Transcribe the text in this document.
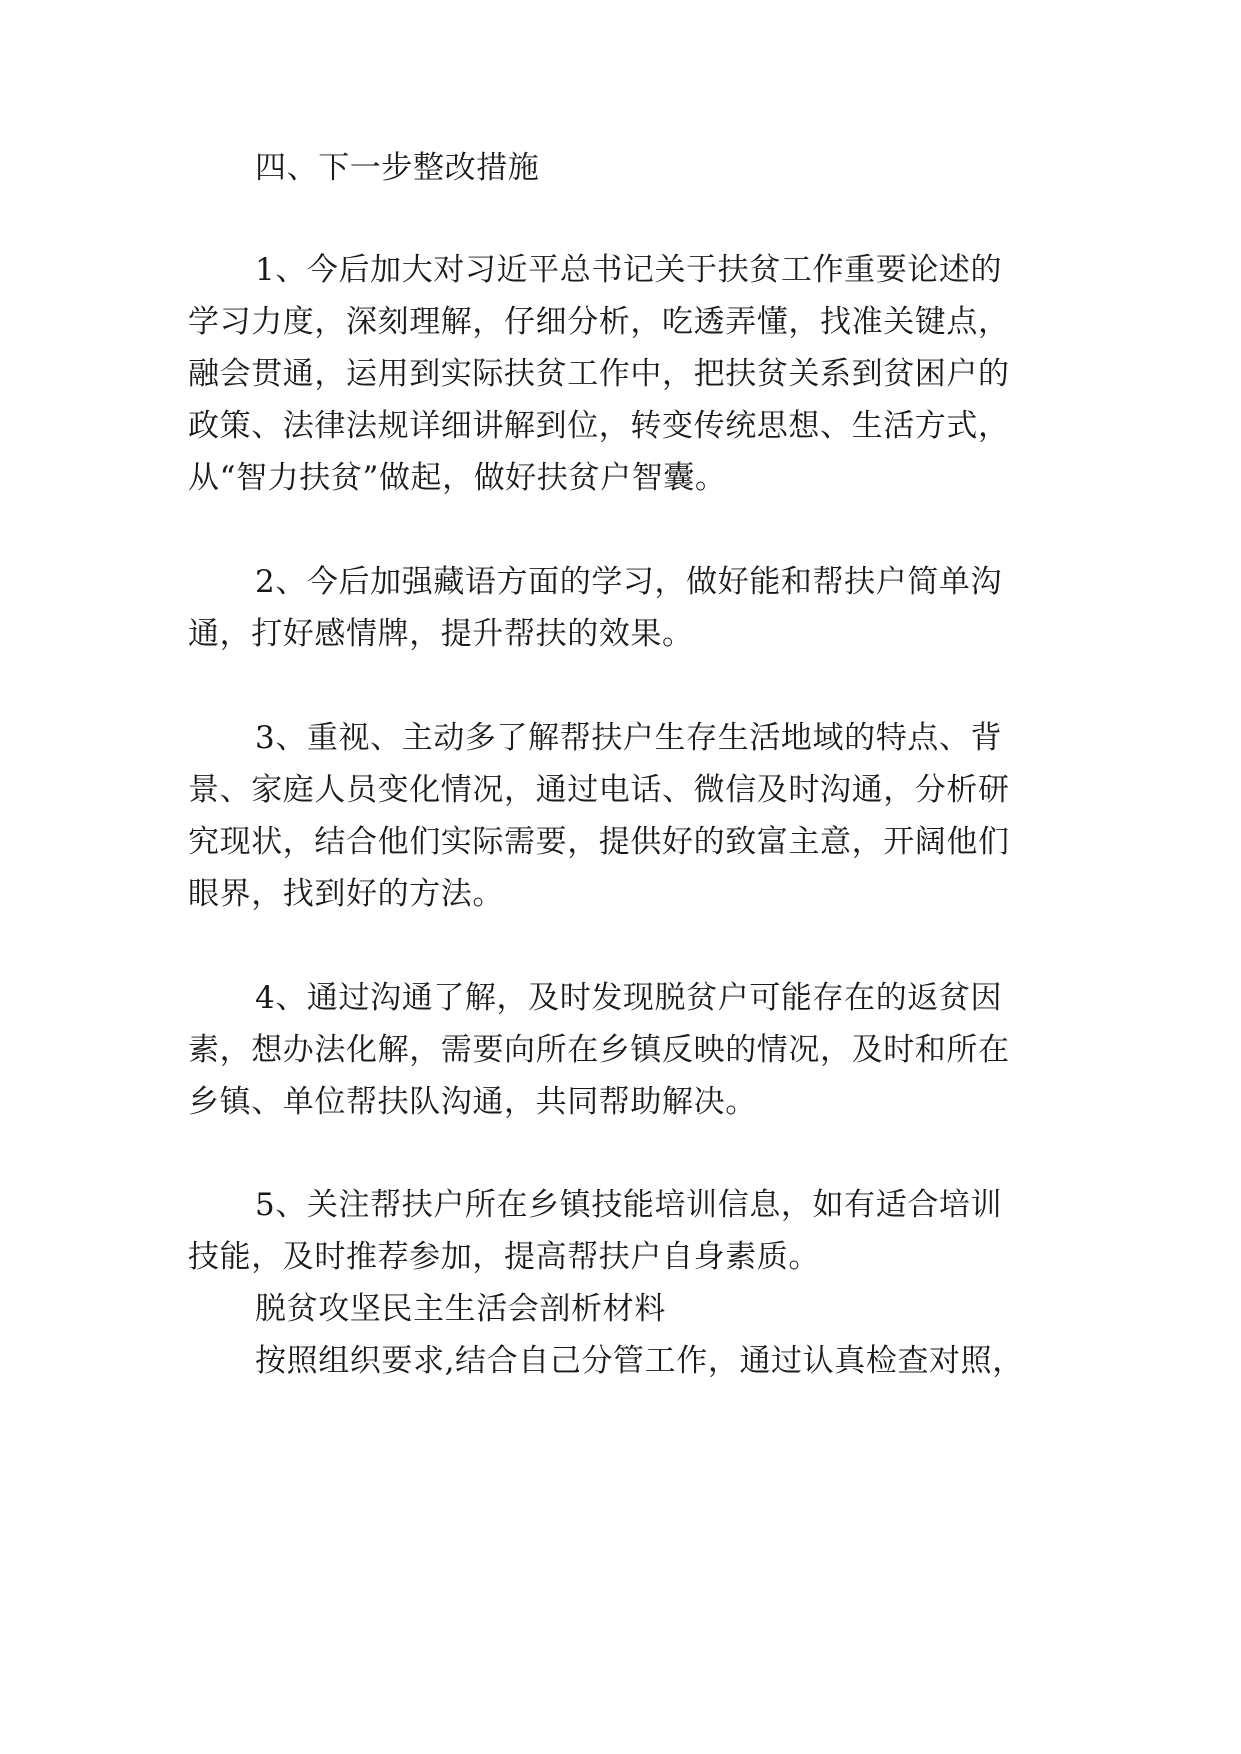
四、下一步整改措施
1、今后加大对习近平总书记关于扶贫工作重要论述的
学习力度，深刻理解，仔细分析，吃透弄懂，找准关键点，
融会贯通，运用到实际扶贫工作中，把扶贫关系到贫困户的
政策、法律法规详细讲解到位，转变传统思想、生活方式，
从“智力扶贫”做起，做好扶贫户智囊。
2、今后加强藏语方面的学习，做好能和帮扶户简单沟
通，打好感情牌，提升帮扶的效果。
3、重视、主动多了解帮扶户生存生活地域的特点、背
景、家庭人员变化情况，通过电话、微信及时沟通，分析研
究现状，结合他们实际需要，提供好的致富主意，开阔他们
眼界，找到好的方法。
4、通过沟通了解，及时发现脱贫户可能存在的返贫因
素，想办法化解，需要向所在乡镇反映的情况，及时和所在
乡镇、单位帮扶队沟通，共同帮助解决。
5、关注帮扶户所在乡镇技能培训信息，如有适合培训
技能，及时推荐参加，提高帮扶户自身素质。
脱贫攻坚民主生活会剖析材料
按照组织要求,结合自己分管工作，通过认真检查对照，
